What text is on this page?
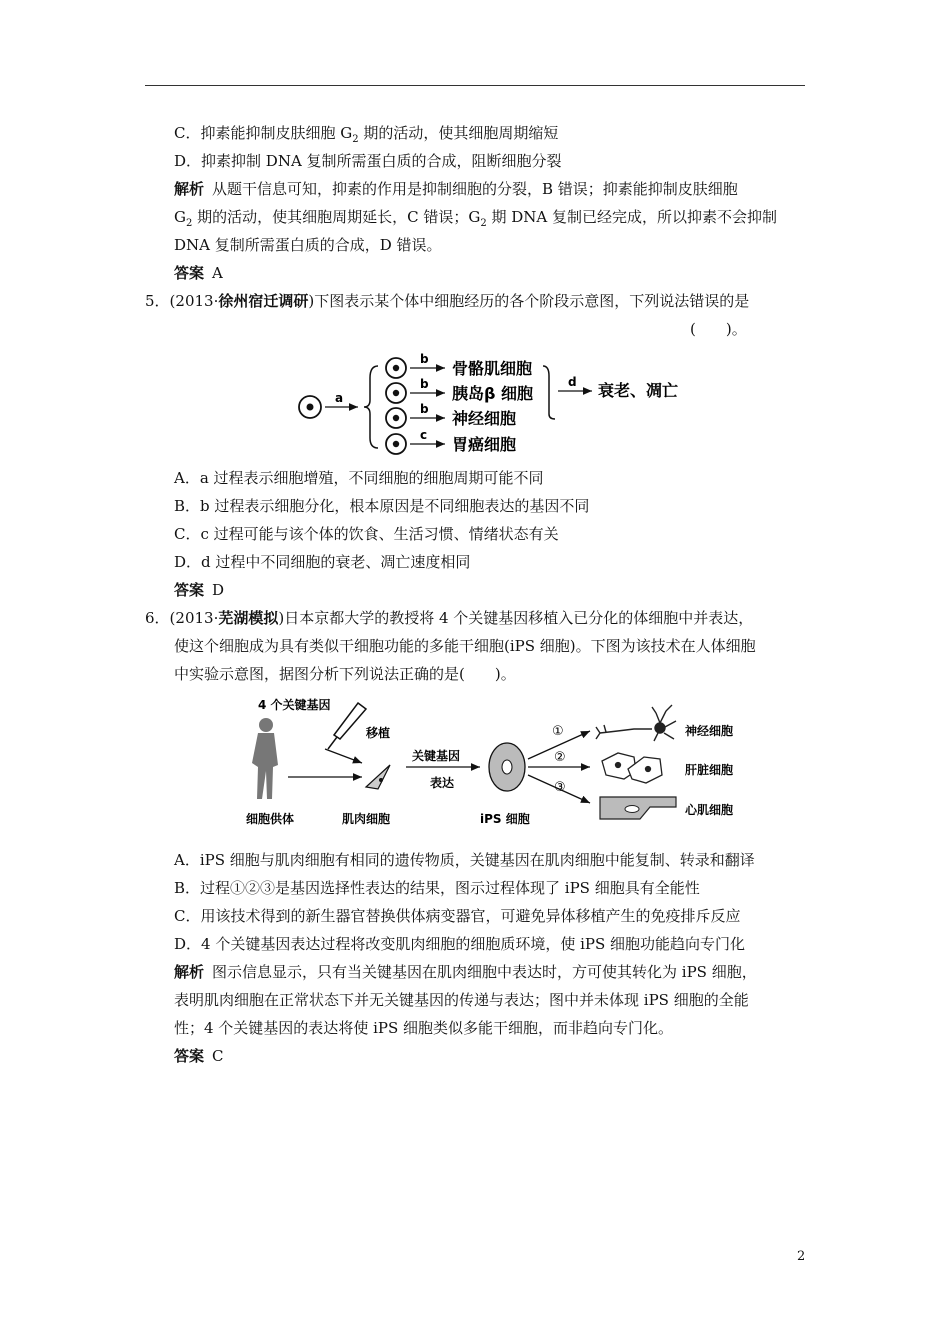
C．抑素能抑制皮肤细胞 $G_2$ 期的活动，使其细胞周期缩短
D．抑素抑制 DNA 复制所需蛋白质的合成，阻断细胞分裂
解析 从题干信息可知，抑素的作用是抑制细胞的分裂，B 错误；抑素能抑制皮肤细胞
$G_2$ 期的活动，使其细胞周期延长，C 错误；$G_2$ 期 DNA 复制已经完成，所以抑素不会抑制
DNA 复制所需蛋白质的合成，D 错误。
答案 A
5．(2013·徐州宿迁调研)下图表示某个体中细胞经历的各个阶段示意图，下列说法错误的是
(　　)。
a
b
b
b
c
骨骼肌细胞
胰岛β 细胞
神经细胞
胃癌细胞
d 衰老、凋亡
A．a 过程表示细胞增殖，不同细胞的细胞周期可能不同
B．b 过程表示细胞分化，根本原因是不同细胞表达的基因不同
C．c 过程可能与该个体的饮食、生活习惯、情绪状态有关
D．d 过程中不同细胞的衰老、凋亡速度相同
答案 D
6．(2013·芜湖模拟)日本京都大学的教授将 4 个关键基因移植入已分化的体细胞中并表达，
使这个细胞成为具有类似干细胞功能的多能干细胞(iPS 细胞)。下图为该技术在人体细胞
中实验示意图，据图分析下列说法正确的是(　　)。
4 个关键基因
移植
细胞供体	肌肉细胞
关键基因
表达
iPS 细胞
①
②
③
神经细胞
肝脏细胞
心肌细胞
A．iPS 细胞与肌肉细胞有相同的遗传物质，关键基因在肌肉细胞中能复制、转录和翻译
B．过程①②③是基因选择性表达的结果，图示过程体现了 iPS 细胞具有全能性
C．用该技术得到的新生器官替换供体病变器官，可避免异体移植产生的免疫排斥反应
D．4 个关键基因表达过程将改变肌肉细胞的细胞质环境，使 iPS 细胞功能趋向专门化
解析 图示信息显示，只有当关键基因在肌肉细胞中表达时，方可使其转化为 iPS 细胞，
表明肌肉细胞在正常状态下并无关键基因的传递与表达；图中并未体现 iPS 细胞的全能
性；4 个关键基因的表达将使 iPS 细胞类似多能干细胞，而非趋向专门化。
答案 C
2
